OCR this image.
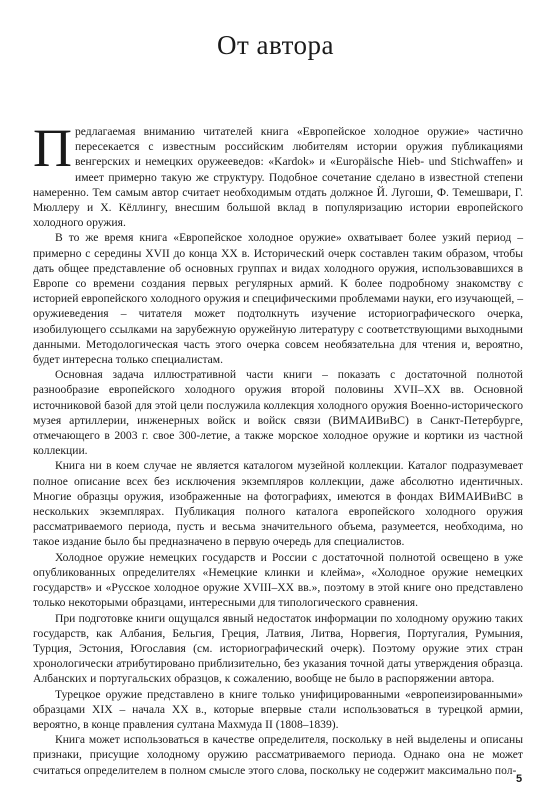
От автора

Предлагаемая вниманию читателей книга «Европейское холодное оружие» частично пересекается с известным российским любителям истории оружия публикациями венгерских и немецких оружееведов: «Kardok» и «Europäische Hieb- und Stichwaffen» и имеет примерно такую же структуру. Подобное сочетание сделано в известной степени намеренно. Тем самым автор считает необходимым отдать должное Й. Лугоши, Ф. Темешвари, Г. Мюллеру и Х. Кёллингу, внесшим большой вклад в популяризацию истории европейского холодного оружия.

В то же время книга «Европейское холодное оружие» охватывает более узкий период – примерно с середины XVII до конца XX в. Исторический очерк составлен таким образом, чтобы дать общее представление об основных группах и видах холодного оружия, использовавшихся в Европе со времени создания первых регулярных армий. К более подробному знакомству с историей европейского холодного оружия и специфическими проблемами науки, его изучающей, – оружиеведения – читателя может подтолкнуть изучение историографического очерка, изобилующего ссылками на зарубежную оружейную литературу с соответствующими выходными данными. Методологическая часть этого очерка совсем необязательна для чтения и, вероятно, будет интересна только специалистам.

Основная задача иллюстративной части книги – показать с достаточной полнотой разнообразие европейского холодного оружия второй половины XVII–XX вв. Основной источниковой базой для этой цели послужила коллекция холодного оружия Военно-исторического музея артиллерии, инженерных войск и войск связи (ВИМАИВиВС) в Санкт-Петербурге, отмечающего в 2003 г. свое 300-летие, а также морское холодное оружие и кортики из частной коллекции.

Книга ни в коем случае не является каталогом музейной коллекции. Каталог подразумевает полное описание всех без исключения экземпляров коллекции, даже абсолютно идентичных. Многие образцы оружия, изображенные на фотографиях, имеются в фондах ВИМАИВиВС в нескольких экземплярах. Публикация полного каталога европейского холодного оружия рассматриваемого периода, пусть и весьма значительного объема, разумеется, необходима, но такое издание было бы предназначено в первую очередь для специалистов.

Холодное оружие немецких государств и России с достаточной полнотой освещено в уже опубликованных определителях «Немецкие клинки и клейма», «Холодное оружие немецких государств» и «Русское холодное оружие XVIII–XX вв.», поэтому в этой книге оно представлено только некоторыми образцами, интересными для типологического сравнения.

При подготовке книги ощущался явный недостаток информации по холодному оружию таких государств, как Албания, Бельгия, Греция, Латвия, Литва, Норвегия, Португалия, Румыния, Турция, Эстония, Югославия (см. историографический очерк). Поэтому оружие этих стран хронологически атрибутировано приблизительно, без указания точной даты утверждения образца. Албанских и португальских образцов, к сожалению, вообще не было в распоряжении автора.

Турецкое оружие представлено в книге только унифицированными «европеизированными» образцами XIX – начала XX в., которые впервые стали использоваться в турецкой армии, вероятно, в конце правления султана Махмуда II (1808–1839).

Книга может использоваться в качестве определителя, поскольку в ней выделены и описаны признаки, присущие холодному оружию рассматриваемого периода. Однако она не может считаться определителем в полном смысле этого слова, поскольку не содержит максимально пол-

5
